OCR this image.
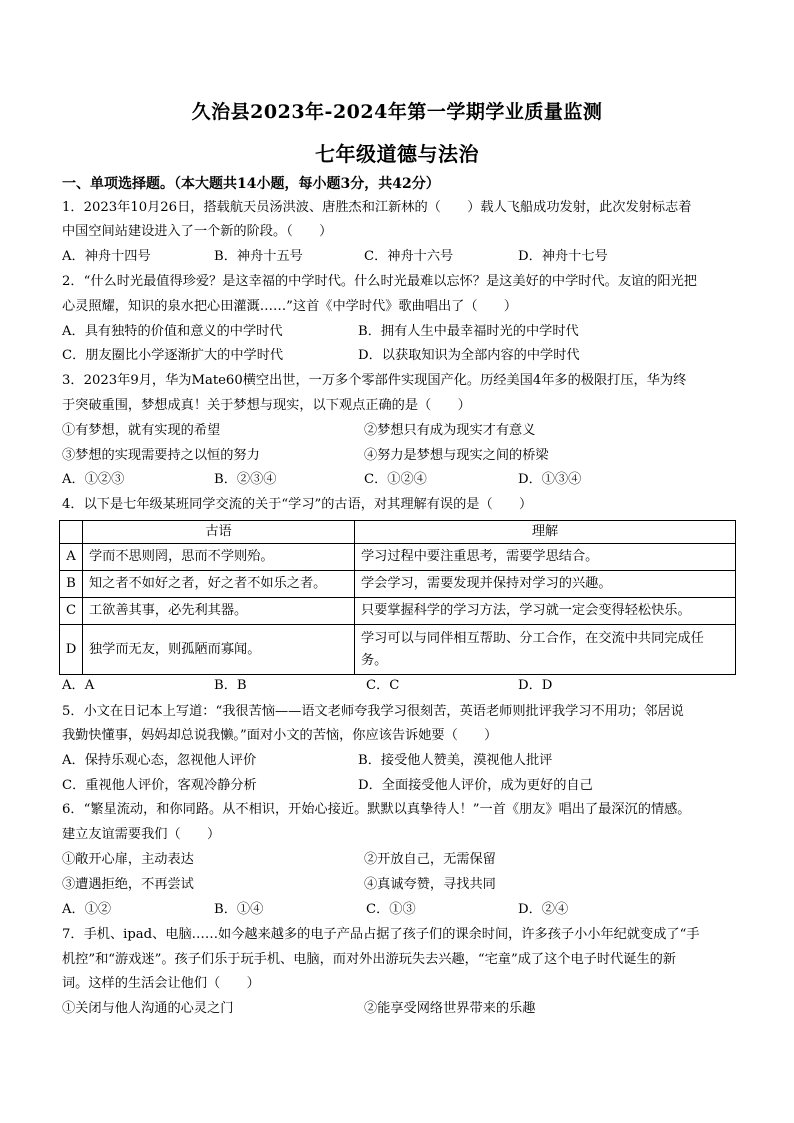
久治县2023年-2024年第一学期学业质量监测
七年级道德与法治
一、单项选择题。（本大题共14小题，每小题3分，共42分）
1．2023年10月26日，搭载航天员汤洪波、唐胜杰和江新林的（　　）载人飞船成功发射，此次发射标志着
中国空间站建设进入了一个新的阶段。（　　）
A．神舟十四号	B．神舟十五号	C．神舟十六号	D．神舟十七号
2．“什么时光最值得珍爱？是这幸福的中学时代。什么时光最难以忘怀？是这美好的中学时代。友谊的阳光把
心灵照耀，知识的泉水把心田灌溉……”这首《中学时代》歌曲唱出了（　　）
A．具有独特的价值和意义的中学时代	B．拥有人生中最幸福时光的中学时代
C．朋友圈比小学逐渐扩大的中学时代	D．以获取知识为全部内容的中学时代
3．2023年9月，华为Mate60横空出世，一万多个零部件实现国产化。历经美国4年多的极限打压，华为终
于突破重围，梦想成真！关于梦想与现实，以下观点正确的是（　　）
①有梦想，就有实现的希望	②梦想只有成为现实才有意义
③梦想的实现需要持之以恒的努力	④努力是梦想与现实之间的桥梁
A．①②③	B．②③④	C．①②④	D．①③④
4．以下是七年级某班同学交流的关于“学习”的古语，对其理解有误的是（　　）
	古语	理解
A	学而不思则罔，思而不学则殆。	学习过程中要注重思考，需要学思结合。
B	知之者不如好之者，好之者不如乐之者。	学会学习，需要发现并保持对学习的兴趣。
C	工欲善其事，必先利其器。	只要掌握科学的学习方法，学习就一定会变得轻松快乐。
D	独学而无友，则孤陋而寡闻。	学习可以与同伴相互帮助、分工合作，在交流中共同完成任务。
A．A	B．B	C．C	D．D
5．小文在日记本上写道：“我很苦恼——语文老师夸我学习很刻苦，英语老师则批评我学习不用功；邻居说
我勤快懂事，妈妈却总说我懒。”面对小文的苦恼，你应该告诉她要（　　）
A．保持乐观心态，忽视他人评价	B．接受他人赞美，漠视他人批评
C．重视他人评价，客观冷静分析	D．全面接受他人评价，成为更好的自己
6．“繁星流动，和你同路。从不相识，开始心接近。默默以真挚待人！”一首《朋友》唱出了最深沉的情感。
建立友谊需要我们（　　）
①敞开心扉，主动表达	②开放自己，无需保留
③遭遇拒绝，不再尝试	④真诚夸赞，寻找共同
A．①②	B．①④	C．①③	D．②④
7．手机、ipad、电脑……如今越来越多的电子产品占据了孩子们的课余时间，许多孩子小小年纪就变成了“手
机控”和“游戏迷”。孩子们乐于玩手机、电脑，而对外出游玩失去兴趣，“宅童”成了这个电子时代诞生的新
词。这样的生活会让他们（　　）
①关闭与他人沟通的心灵之门	②能享受网络世界带来的乐趣
